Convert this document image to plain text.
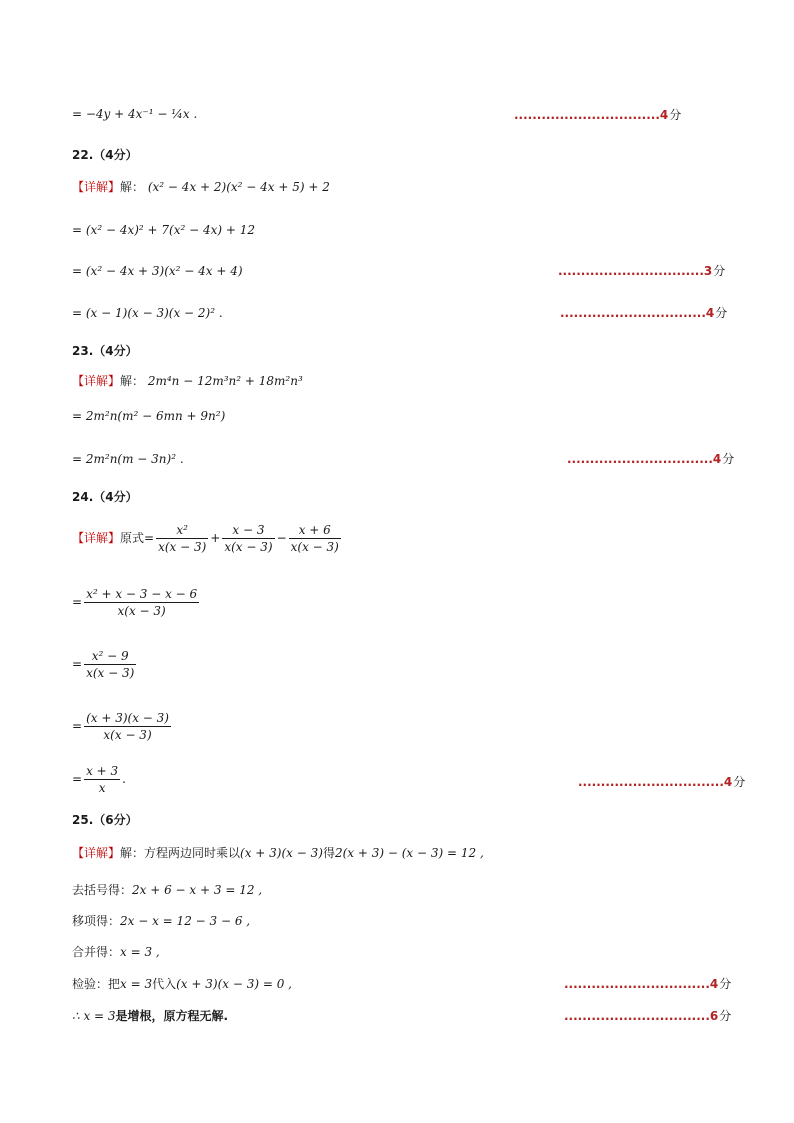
= −4y + 4x⁻¹ − ¼x .	................................4分
22.（4分）
【详解】解： (x² − 4x + 2)(x² − 4x + 5) + 2
= (x² − 4x)² + 7(x² − 4x) + 12
= (x² − 4x + 3)(x² − 4x + 4)	................................3分
= (x − 1)(x − 3)(x − 2)² .	................................4分
23.（4分）
【详解】解： 2m⁴n − 12m³n² + 18m²n³
= 2m²n(m² − 6mn + 9n²)
= 2m²n(m − 3n)² .	................................4分
24.（4分）
【详解】原式= $\frac{\text{x²}}{x(x - 3)} + \frac{x - 3}{x(x - 3)} - \frac{x + 6}{x(x - 3)}$
= $\frac{\text{x² + x − 3 − x − 6}}{x(x - 3)}$
= $\frac{\text{x² − 9}}{x(x - 3)}$
= $\frac{(x + 3)(x - 3)}{x(x - 3)}$
= $\frac{x + 3}{x}$ .	................................4分
25.（6分）
【详解】解：方程两边同时乘以(x + 3)(x − 3)得2(x + 3) − (x − 3) = 12 ,
去括号得：2x + 6 − x + 3 = 12 ,
移项得：2x − x = 12 − 3 − 6 ,
合并得：x = 3 ,
检验：把x = 3代入(x + 3)(x − 3) = 0 ,	................................4分
∴ x = 3是增根，原方程无解.	................................6分
